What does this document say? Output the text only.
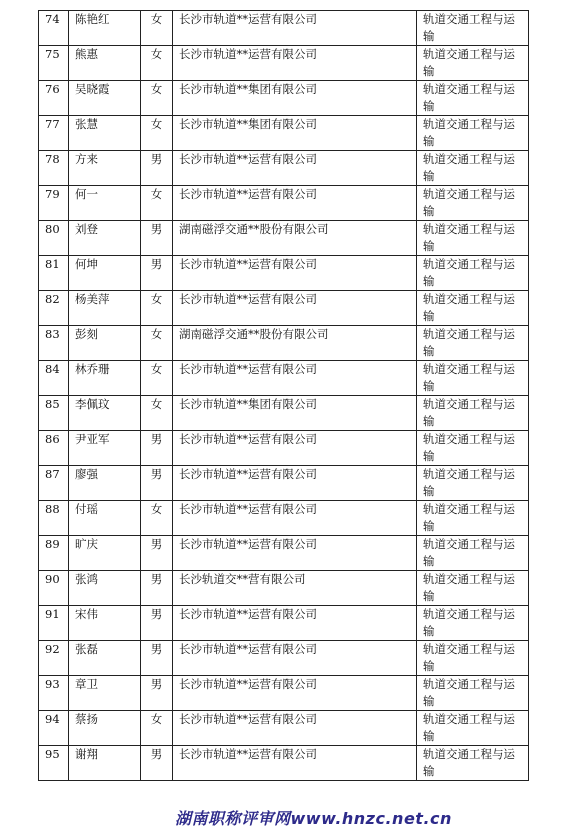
74	陈艳红	女	长沙市轨道**运营有限公司	轨道交通工程与运输
75	熊惠	女	长沙市轨道**运营有限公司	轨道交通工程与运输
76	吴晓霞	女	长沙市轨道**集团有限公司	轨道交通工程与运输
77	张慧	女	长沙市轨道**集团有限公司	轨道交通工程与运输
78	方来	男	长沙市轨道**运营有限公司	轨道交通工程与运输
79	何一	女	长沙市轨道**运营有限公司	轨道交通工程与运输
80	刘登	男	湖南磁浮交通**股份有限公司	轨道交通工程与运输
81	何坤	男	长沙市轨道**运营有限公司	轨道交通工程与运输
82	杨美萍	女	长沙市轨道**运营有限公司	轨道交通工程与运输
83	彭刻	女	湖南磁浮交通**股份有限公司	轨道交通工程与运输
84	林乔珊	女	长沙市轨道**运营有限公司	轨道交通工程与运输
85	李佩玟	女	长沙市轨道**集团有限公司	轨道交通工程与运输
86	尹亚军	男	长沙市轨道**运营有限公司	轨道交通工程与运输
87	廖强	男	长沙市轨道**运营有限公司	轨道交通工程与运输
88	付瑶	女	长沙市轨道**运营有限公司	轨道交通工程与运输
89	旷庆	男	长沙市轨道**运营有限公司	轨道交通工程与运输
90	张鸿	男	长沙轨道交**营有限公司	轨道交通工程与运输
91	宋伟	男	长沙市轨道**运营有限公司	轨道交通工程与运输
92	张磊	男	长沙市轨道**运营有限公司	轨道交通工程与运输
93	章卫	男	长沙市轨道**运营有限公司	轨道交通工程与运输
94	蔡扬	女	长沙市轨道**运营有限公司	轨道交通工程与运输
95	谢翔	男	长沙市轨道**运营有限公司	轨道交通工程与运输
湖南职称评审网www.hnzc.net.cn
